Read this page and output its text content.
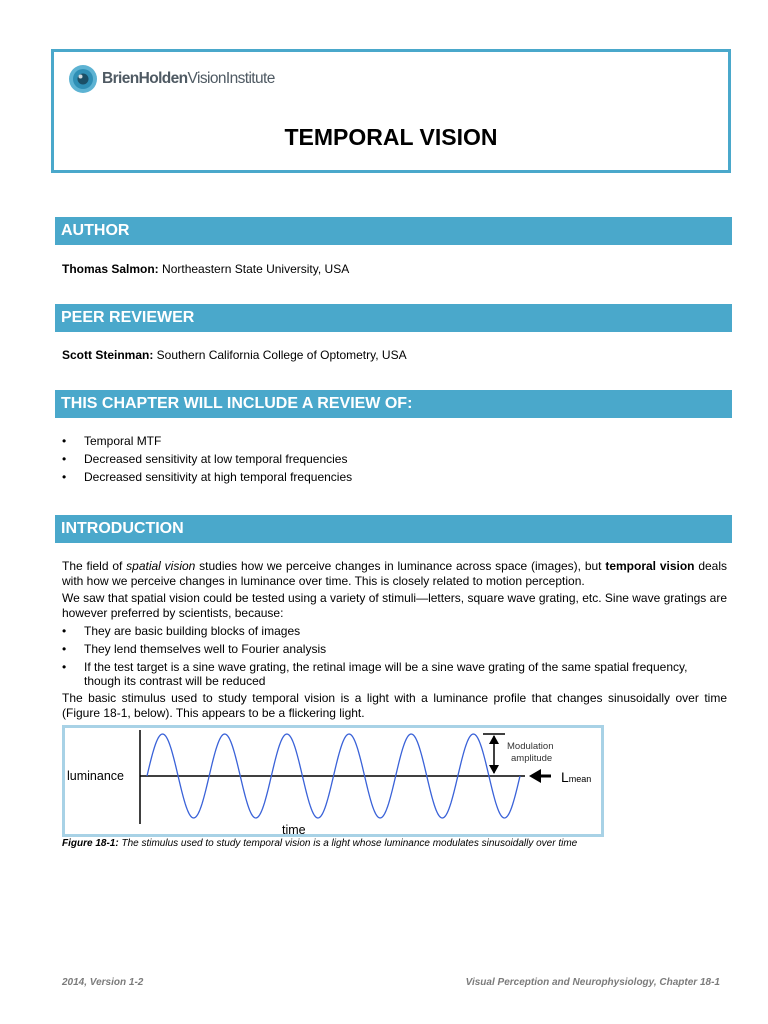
BrienHoldenVisionInstitute
TEMPORAL VISION
AUTHOR
Thomas Salmon: Northeastern State University, USA
PEER REVIEWER
Scott Steinman: Southern California College of Optometry, USA
THIS CHAPTER WILL INCLUDE A REVIEW OF:
• Temporal MTF
• Decreased sensitivity at low temporal frequencies
• Decreased sensitivity at high temporal frequencies
INTRODUCTION

The field of spatial vision studies how we perceive changes in luminance across space (images), but temporal vision deals with how we perceive changes in luminance over time. This is closely related to motion perception.

We saw that spatial vision could be tested using a variety of stimuli—letters, square wave grating, etc. Sine wave gratings are however preferred by scientists, because:

• They are basic building blocks of images
• They lend themselves well to Fourier analysis
• If the test target is a sine wave grating, the retinal image will be a sine wave grating of the same spatial frequency, though its contrast will be reduced

The basic stimulus used to study temporal vision is a light with a luminance profile that changes sinusoidally over time (Figure 18-1, below). This appears to be a flickering light.

luminance
time
Modulation
amplitude
Lmean
Figure 18-1: The stimulus used to study temporal vision is a light whose luminance modulates sinusoidally over time
2014, Version 1-2	Visual Perception and Neurophysiology, Chapter 18-1
